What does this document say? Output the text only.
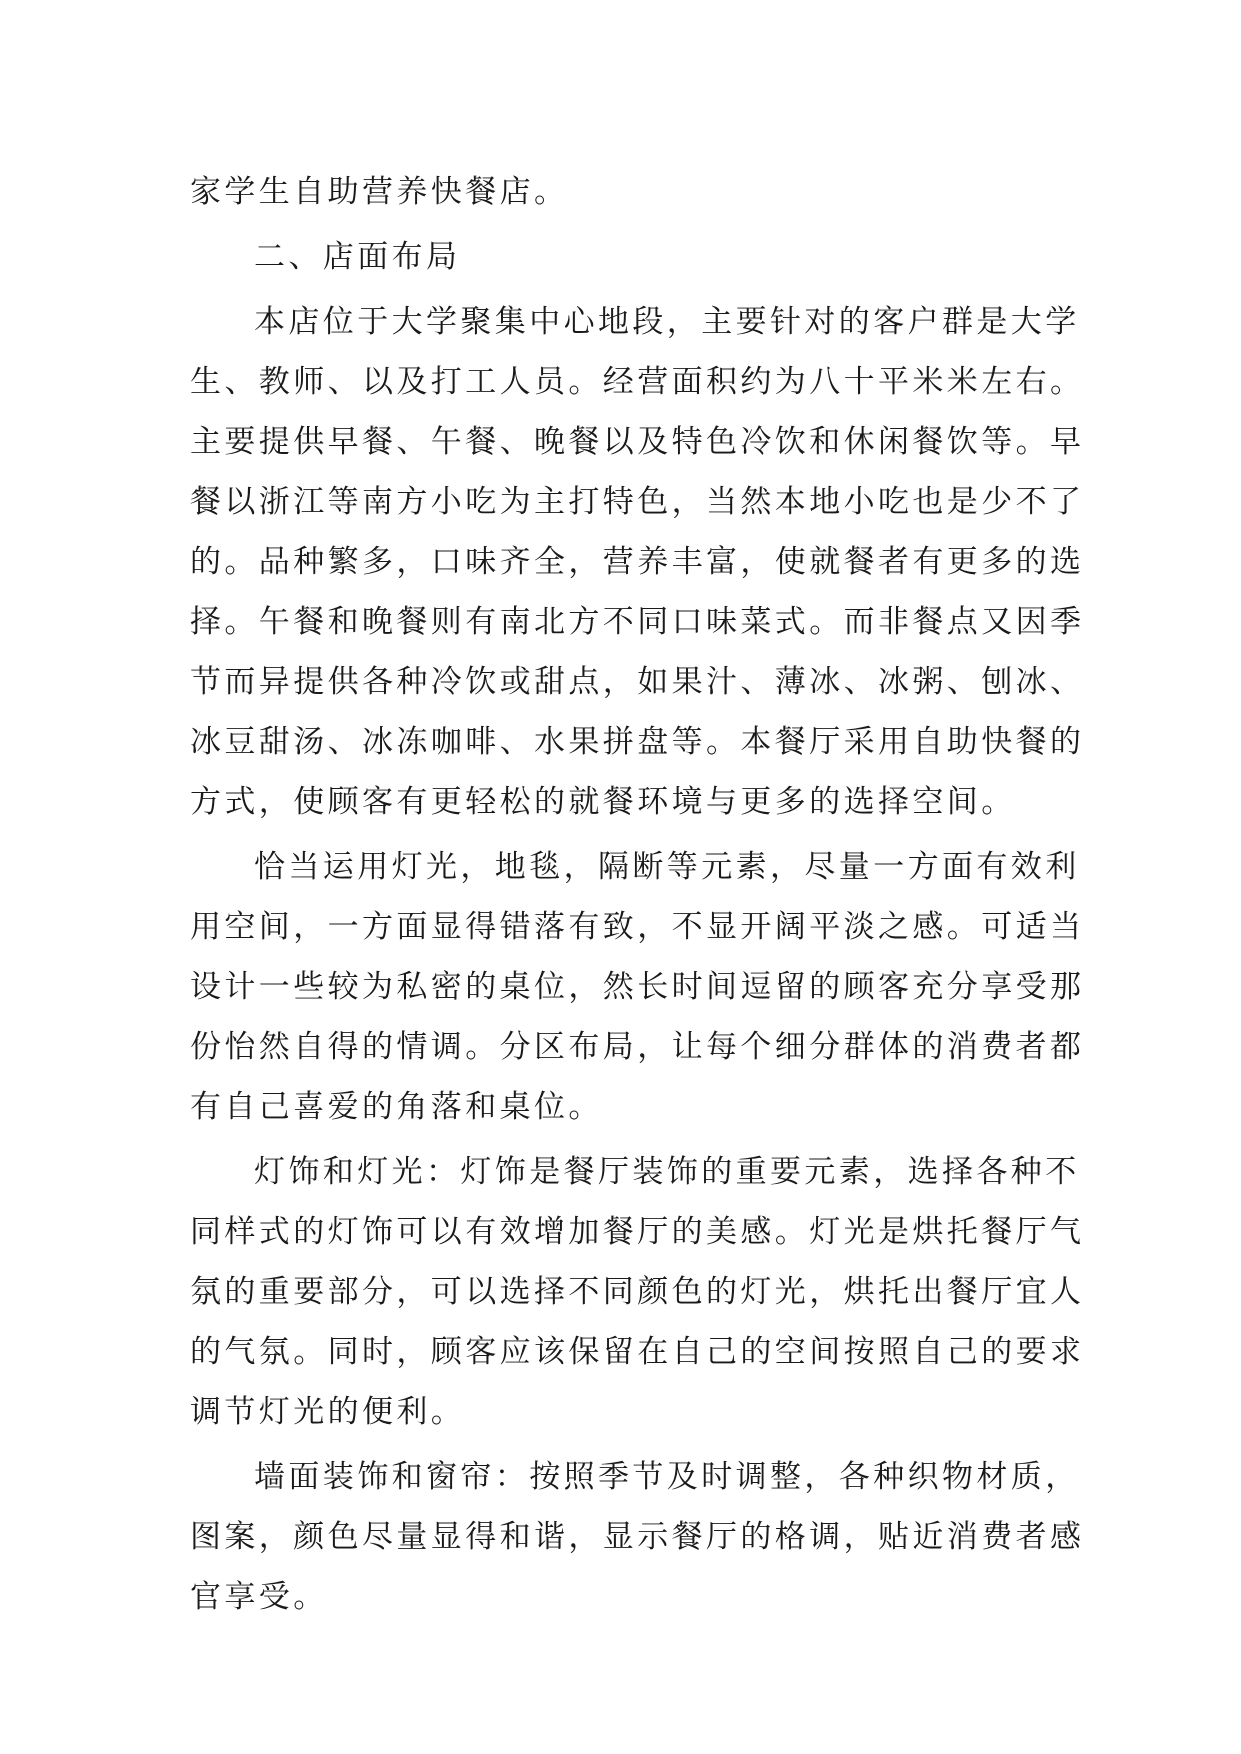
家学生自助营养快餐店。
二、店面布局
本店位于大学聚集中心地段，主要针对的客户群是大学
生、教师、以及打工人员。经营面积约为八十平米米左右。
主要提供早餐、午餐、晚餐以及特色冷饮和休闲餐饮等。早
餐以浙江等南方小吃为主打特色，当然本地小吃也是少不了
的。品种繁多，口味齐全，营养丰富，使就餐者有更多的选
择。午餐和晚餐则有南北方不同口味菜式。而非餐点又因季
节而异提供各种冷饮或甜点，如果汁、薄冰、冰粥、刨冰、
冰豆甜汤、冰冻咖啡、水果拼盘等。本餐厅采用自助快餐的
方式，使顾客有更轻松的就餐环境与更多的选择空间。
恰当运用灯光，地毯，隔断等元素，尽量一方面有效利
用空间，一方面显得错落有致，不显开阔平淡之感。可适当
设计一些较为私密的桌位，然长时间逗留的顾客充分享受那
份怡然自得的情调。分区布局，让每个细分群体的消费者都
有自己喜爱的角落和桌位。
灯饰和灯光：灯饰是餐厅装饰的重要元素，选择各种不
同样式的灯饰可以有效增加餐厅的美感。灯光是烘托餐厅气
氛的重要部分，可以选择不同颜色的灯光，烘托出餐厅宜人
的气氛。同时，顾客应该保留在自己的空间按照自己的要求
调节灯光的便利。
墙面装饰和窗帘：按照季节及时调整，各种织物材质，
图案，颜色尽量显得和谐，显示餐厅的格调，贴近消费者感
官享受。
